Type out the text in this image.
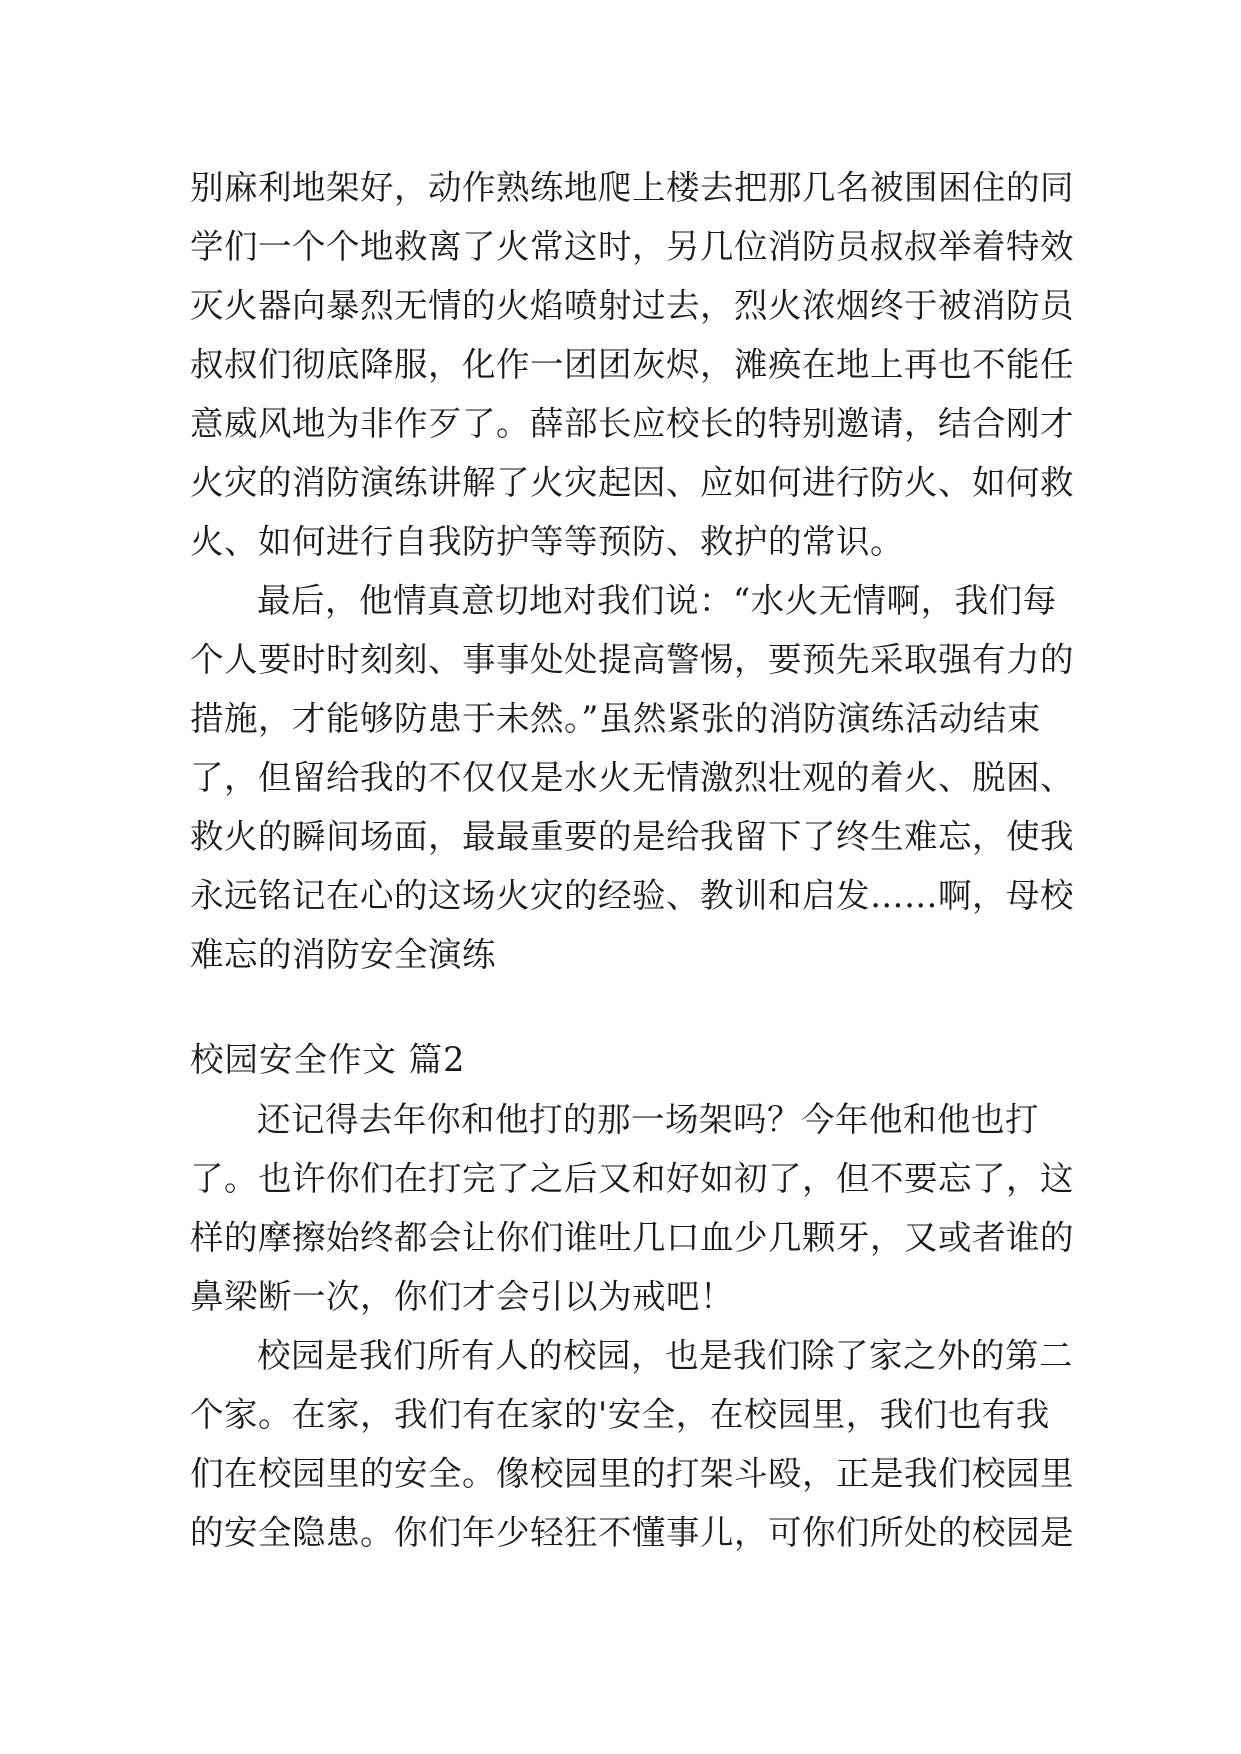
别麻利地架好，动作熟练地爬上楼去把那几名被围困住的同
学们一个个地救离了火常这时，另几位消防员叔叔举着特效
灭火器向暴烈无情的火焰喷射过去，烈火浓烟终于被消防员
叔叔们彻底降服，化作一团团灰烬，滩痪在地上再也不能任
意威风地为非作歹了。薛部长应校长的特别邀请，结合刚才
火灾的消防演练讲解了火灾起因、应如何进行防火、如何救
火、如何进行自我防护等等预防、救护的常识。
最后，他情真意切地对我们说：“水火无情啊，我们每
个人要时时刻刻、事事处处提高警惕，要预先采取强有力的
措施，才能够防患于未然。”虽然紧张的消防演练活动结束
了，但留给我的不仅仅是水火无情激烈壮观的着火、脱困、
救火的瞬间场面，最最重要的是给我留下了终生难忘，使我
永远铭记在心的这场火灾的经验、教训和启发……啊，母校
难忘的消防安全演练
校园安全作文 篇2
还记得去年你和他打的那一场架吗？今年他和他也打
了。也许你们在打完了之后又和好如初了，但不要忘了，这
样的摩擦始终都会让你们谁吐几口血少几颗牙，又或者谁的
鼻梁断一次，你们才会引以为戒吧！
校园是我们所有人的校园，也是我们除了家之外的第二
个家。在家，我们有在家的'安全，在校园里，我们也有我
们在校园里的安全。像校园里的打架斗殴，正是我们校园里
的安全隐患。你们年少轻狂不懂事儿，可你们所处的校园是
